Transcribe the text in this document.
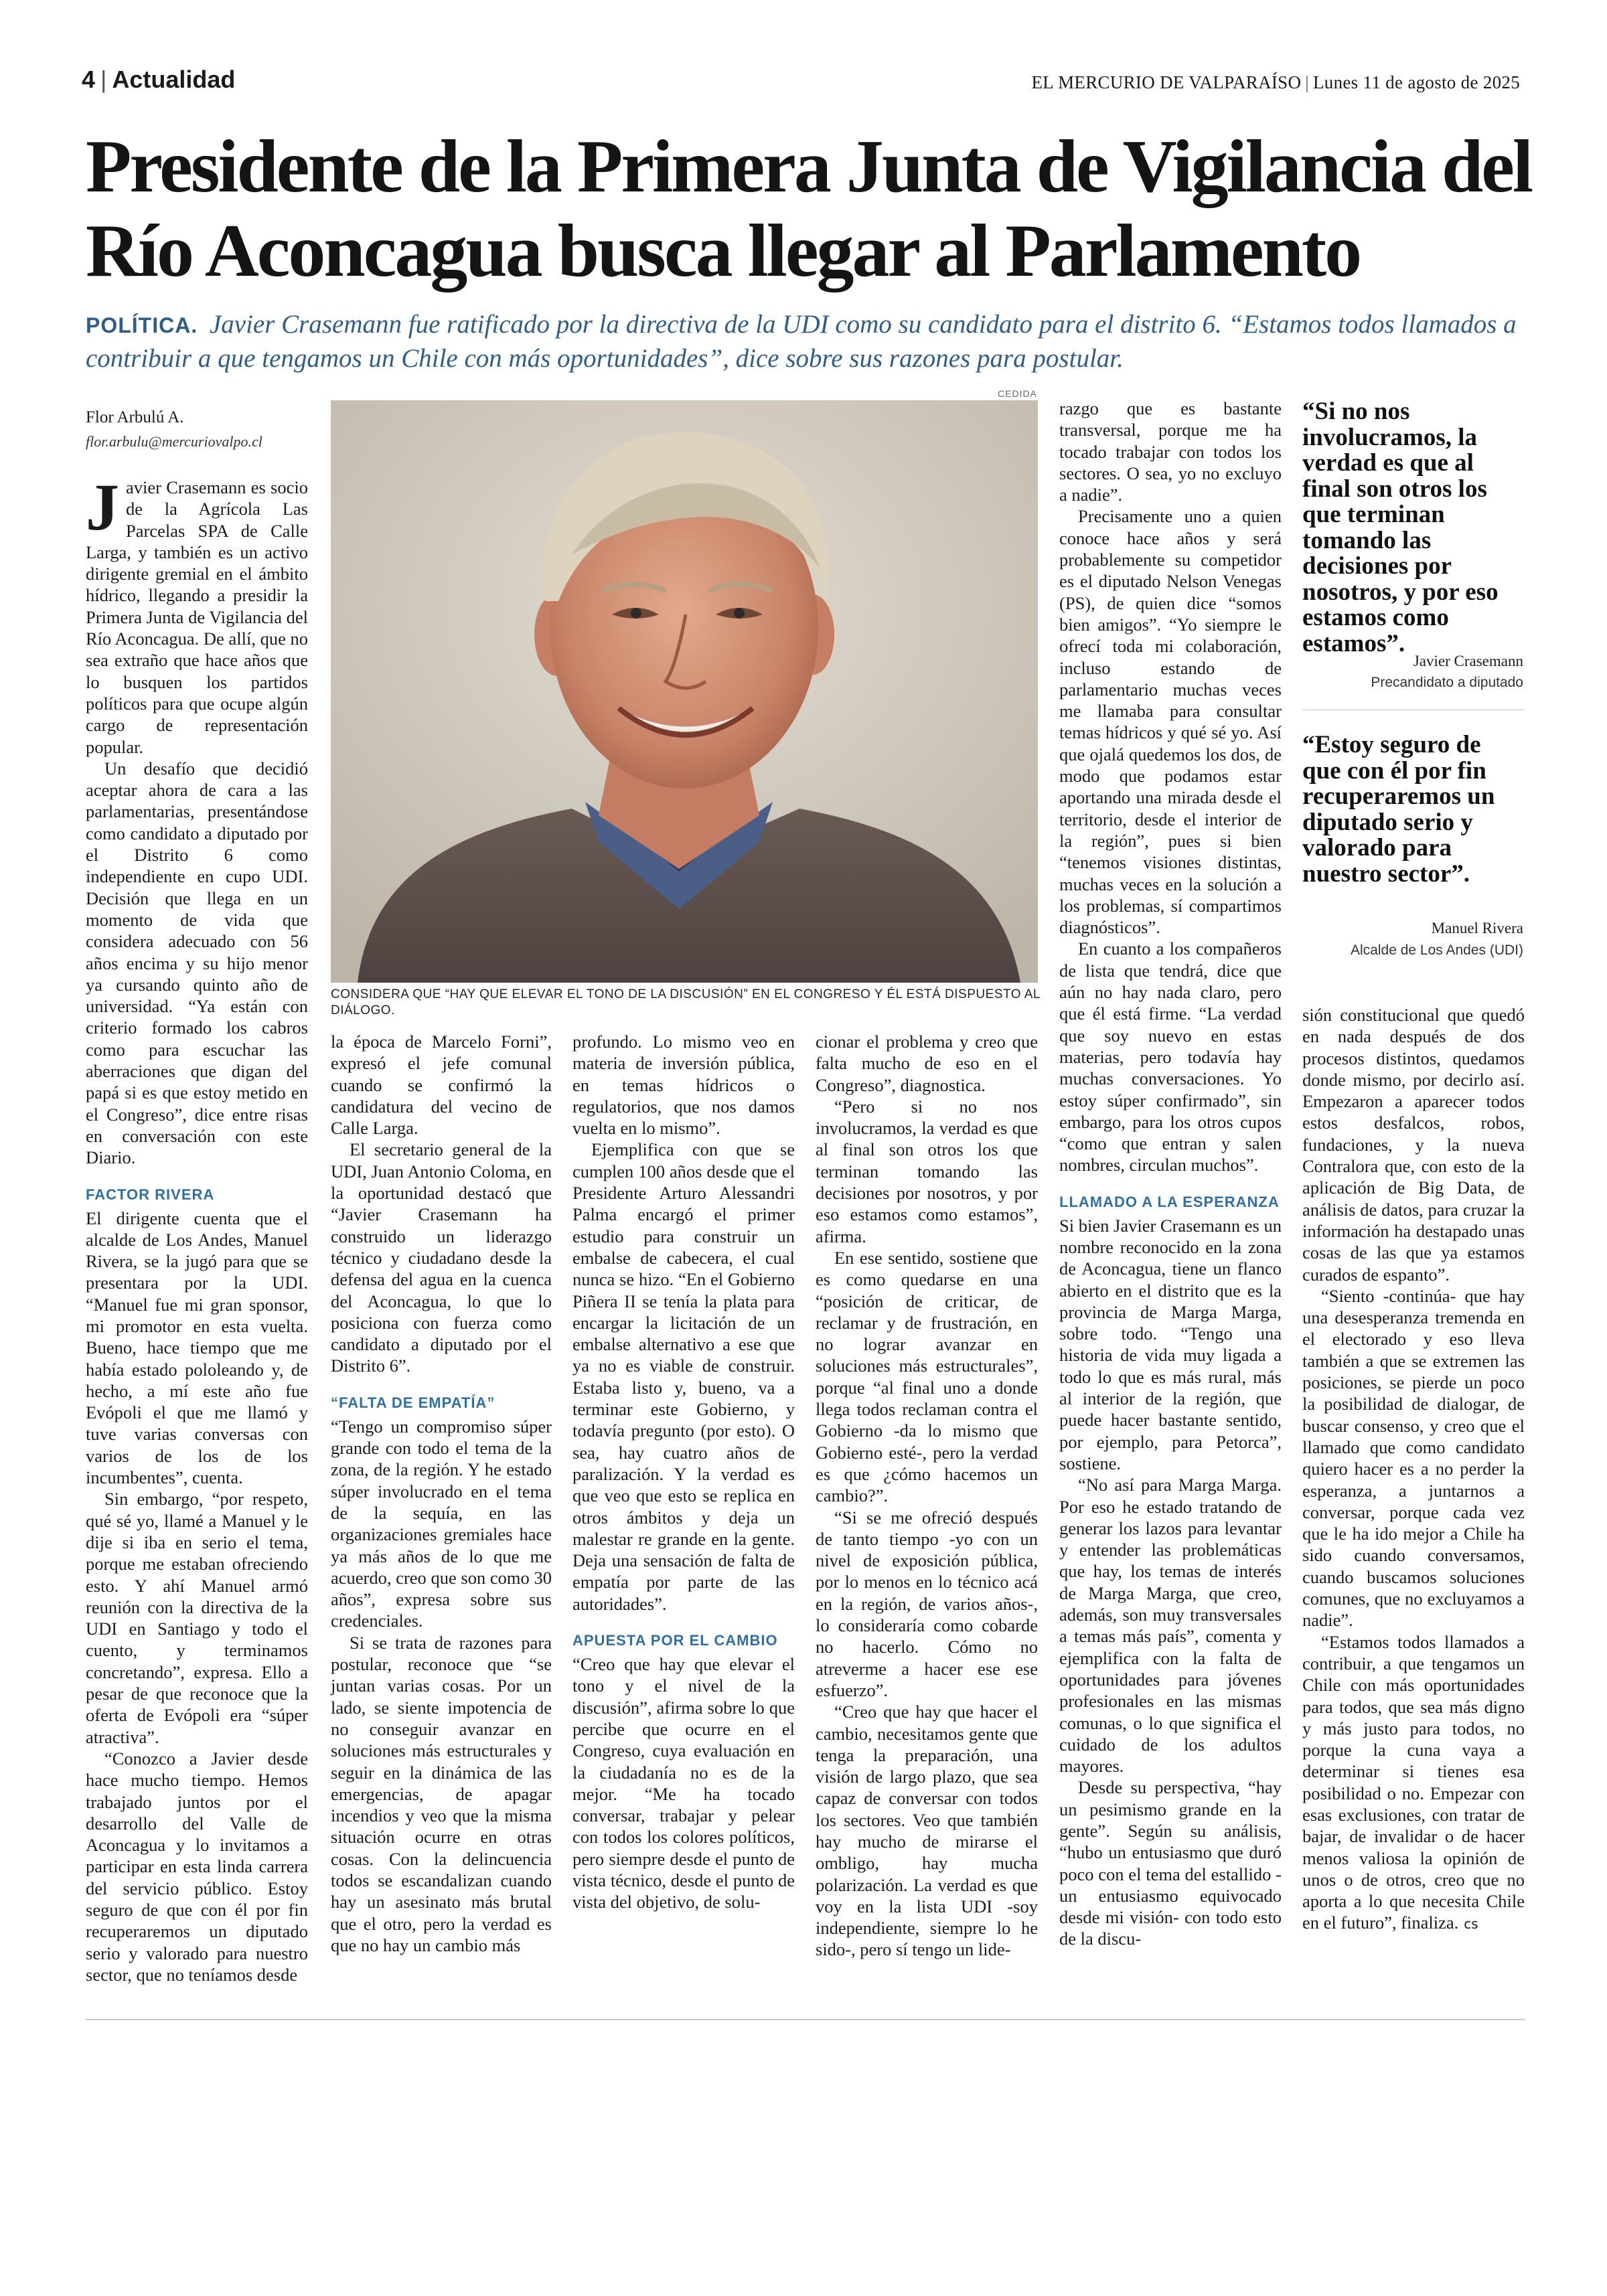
4 | Actualidad	EL MERCURIO DE VALPARAÍSO | Lunes 11 de agosto de 2025
Presidente de la Primera Junta de Vigilancia del Río Aconcagua busca llegar al Parlamento
POLÍTICA. Javier Crasemann fue ratificado por la directiva de la UDI como su candidato para el distrito 6. “Estamos todos llamados a contribuir a que tengamos un Chile con más oportunidades”, dice sobre sus razones para postular.
Flor Arbulú A.
flor.arbulu@mercuriovalpo.cl
CEDIDA
CONSIDERA QUE “HAY QUE ELEVAR EL TONO DE LA DISCUSIÓN” EN EL CONGRESO Y ÉL ESTÁ DISPUESTO AL DIÁLOGO.

Javier Crasemann es socio de la Agrícola Las Parcelas SPA de Calle Larga, y también es un activo dirigente gremial en el ámbito hídrico, llegando a presidir la Primera Junta de Vigilancia del Río Aconcagua. De allí, que no sea extraño que hace años que lo busquen los partidos políticos para que ocupe algún cargo de representación popular.

Un desafío que decidió aceptar ahora de cara a las parlamentarias, presentándose como candidato a diputado por el Distrito 6 como independiente en cupo UDI. Decisión que llega en un momento de vida que considera adecuado con 56 años encima y su hijo menor ya cursando quinto año de universidad. “Ya están con criterio formado los cabros como para escuchar las aberraciones que digan del papá si es que estoy metido en el Congreso”, dice entre risas en conversación con este Diario.

FACTOR RIVERA

El dirigente cuenta que el alcalde de Los Andes, Manuel Rivera, se la jugó para que se presentara por la UDI. “Manuel fue mi gran sponsor, mi promotor en esta vuelta. Bueno, hace tiempo que me había estado pololeando y, de hecho, a mí este año fue Evópoli el que me llamó y tuve varias conversas con varios de los de los incumbentes”, cuenta.

Sin embargo, “por respeto, qué sé yo, llamé a Manuel y le dije si iba en serio el tema, porque me estaban ofreciendo esto. Y ahí Manuel armó reunión con la directiva de la UDI en Santiago y todo el cuento, y terminamos concretando”, expresa. Ello a pesar de que reconoce que la oferta de Evópoli era “súper atractiva”.

“Conozco a Javier desde hace mucho tiempo. Hemos trabajado juntos por el desarrollo del Valle de Aconcagua y lo invitamos a participar en esta linda carrera del servicio público. Estoy seguro de que con él por fin recuperaremos un diputado serio y valorado para nuestro sector, que no teníamos desde

la época de Marcelo Forni”, expresó el jefe comunal cuando se confirmó la candidatura del vecino de Calle Larga.

El secretario general de la UDI, Juan Antonio Coloma, en la oportunidad destacó que “Javier Crasemann ha construido un liderazgo técnico y ciudadano desde la defensa del agua en la cuenca del Aconcagua, lo que lo posiciona con fuerza como candidato a diputado por el Distrito 6”.

“FALTA DE EMPATÍA”

“Tengo un compromiso súper grande con todo el tema de la zona, de la región. Y he estado súper involucrado en el tema de la sequía, en las organizaciones gremiales hace ya más años de lo que me acuerdo, creo que son como 30 años”, expresa sobre sus credenciales.

Si se trata de razones para postular, reconoce que “se juntan varias cosas. Por un lado, se siente impotencia de no conseguir avanzar en soluciones más estructurales y seguir en la dinámica de las emergencias, de apagar incendios y veo que la misma situación ocurre en otras cosas. Con la delincuencia todos se escandalizan cuando hay un asesinato más brutal que el otro, pero la verdad es que no hay un cambio más

profundo. Lo mismo veo en materia de inversión pública, en temas hídricos o regulatorios, que nos damos vuelta en lo mismo”.

Ejemplifica con que se cumplen 100 años desde que el Presidente Arturo Alessandri Palma encargó el primer estudio para construir un embalse de cabecera, el cual nunca se hizo. “En el Gobierno Piñera II se tenía la plata para encargar la licitación de un embalse alternativo a ese que ya no es viable de construir. Estaba listo y, bueno, va a terminar este Gobierno, y todavía pregunto (por esto). O sea, hay cuatro años de paralización. Y la verdad es que veo que esto se replica en otros ámbitos y deja un malestar re grande en la gente. Deja una sensación de falta de empatía por parte de las autoridades”.

APUESTA POR EL CAMBIO

“Creo que hay que elevar el tono y el nivel de la discusión”, afirma sobre lo que percibe que ocurre en el Congreso, cuya evaluación en la ciudadanía no es de la mejor. “Me ha tocado conversar, trabajar y pelear con todos los colores políticos, pero siempre desde el punto de vista técnico, desde el punto de vista del objetivo, de solu-

cionar el problema y creo que falta mucho de eso en el Congreso”, diagnostica.

“Pero si no nos involucramos, la verdad es que al final son otros los que terminan tomando las decisiones por nosotros, y por eso estamos como estamos”, afirma.

En ese sentido, sostiene que es como quedarse en una “posición de criticar, de reclamar y de frustración, en no lograr avanzar en soluciones más estructurales”, porque “al final uno a donde llega todos reclaman contra el Gobierno -da lo mismo que Gobierno esté-, pero la verdad es que ¿cómo hacemos un cambio?”.

“Si se me ofreció después de tanto tiempo -yo con un nivel de exposición pública, por lo menos en lo técnico acá en la región, de varios años-, lo consideraría como cobarde no hacerlo. Cómo no atreverme a hacer ese ese esfuerzo”.

“Creo que hay que hacer el cambio, necesitamos gente que tenga la preparación, una visión de largo plazo, que sea capaz de conversar con todos los sectores. Veo que también hay mucho de mirarse el ombligo, hay mucha polarización. La verdad es que voy en la lista UDI -soy independiente, siempre lo he sido-, pero sí tengo un lide-

razgo que es bastante transversal, porque me ha tocado trabajar con todos los sectores. O sea, yo no excluyo a nadie”.

Precisamente uno a quien conoce hace años y será probablemente su competidor es el diputado Nelson Venegas (PS), de quien dice “somos bien amigos”. “Yo siempre le ofrecí toda mi colaboración, incluso estando de parlamentario muchas veces me llamaba para consultar temas hídricos y qué sé yo. Así que ojalá quedemos los dos, de modo que podamos estar aportando una mirada desde el territorio, desde el interior de la región”, pues si bien “tenemos visiones distintas, muchas veces en la solución a los problemas, sí compartimos diagnósticos”.

En cuanto a los compañeros de lista que tendrá, dice que aún no hay nada claro, pero que él está firme. “La verdad que soy nuevo en estas materias, pero todavía hay muchas conversaciones. Yo estoy súper confirmado”, sin embargo, para los otros cupos “como que entran y salen nombres, circulan muchos”.

LLAMADO A LA ESPERANZA

Si bien Javier Crasemann es un nombre reconocido en la zona de Aconcagua, tiene un flanco abierto en el distrito que es la provincia de Marga Marga, sobre todo. “Tengo una historia de vida muy ligada a todo lo que es más rural, más al interior de la región, que puede hacer bastante sentido, por ejemplo, para Petorca”, sostiene.

“No así para Marga Marga. Por eso he estado tratando de generar los lazos para levantar y entender las problemáticas que hay, los temas de interés de Marga Marga, que creo, además, son muy transversales a temas más país”, comenta y ejemplifica con la falta de oportunidades para jóvenes profesionales en las mismas comunas, o lo que significa el cuidado de los adultos mayores.

Desde su perspectiva, “hay un pesimismo grande en la gente”. Según su análisis, “hubo un entusiasmo que duró poco con el tema del estallido - un entusiasmo equivocado desde mi visión- con todo esto de la discu-

“Si no nos involucramos, la verdad es que al final son otros los que terminan tomando las decisiones por nosotros, y por eso estamos como estamos”.
Javier Crasemann
Precandidato a diputado
“Estoy seguro de que con él por fin recuperaremos un diputado serio y valorado para nuestro sector”.
Manuel Rivera
Alcalde de Los Andes (UDI)

sión constitucional que quedó en nada después de dos procesos distintos, quedamos donde mismo, por decirlo así. Empezaron a aparecer todos estos desfalcos, robos, fundaciones, y la nueva Contralora que, con esto de la aplicación de Big Data, de análisis de datos, para cruzar la información ha destapado unas cosas de las que ya estamos curados de espanto”.

“Siento -continúa- que hay una desesperanza tremenda en el electorado y eso lleva también a que se extremen las posiciones, se pierde un poco la posibilidad de dialogar, de buscar consenso, y creo que el llamado que como candidato quiero hacer es a no perder la esperanza, a juntarnos a conversar, porque cada vez que le ha ido mejor a Chile ha sido cuando conversamos, cuando buscamos soluciones comunes, que no excluyamos a nadie”.

“Estamos todos llamados a contribuir, a que tengamos un Chile con más oportunidades para todos, que sea más digno y más justo para todos, no porque la cuna vaya a determinar si tienes esa posibilidad o no. Empezar con esas exclusiones, con tratar de bajar, de invalidar o de hacer menos valiosa la opinión de unos o de otros, creo que no aporta a lo que necesita Chile en el futuro”, finaliza. cs
